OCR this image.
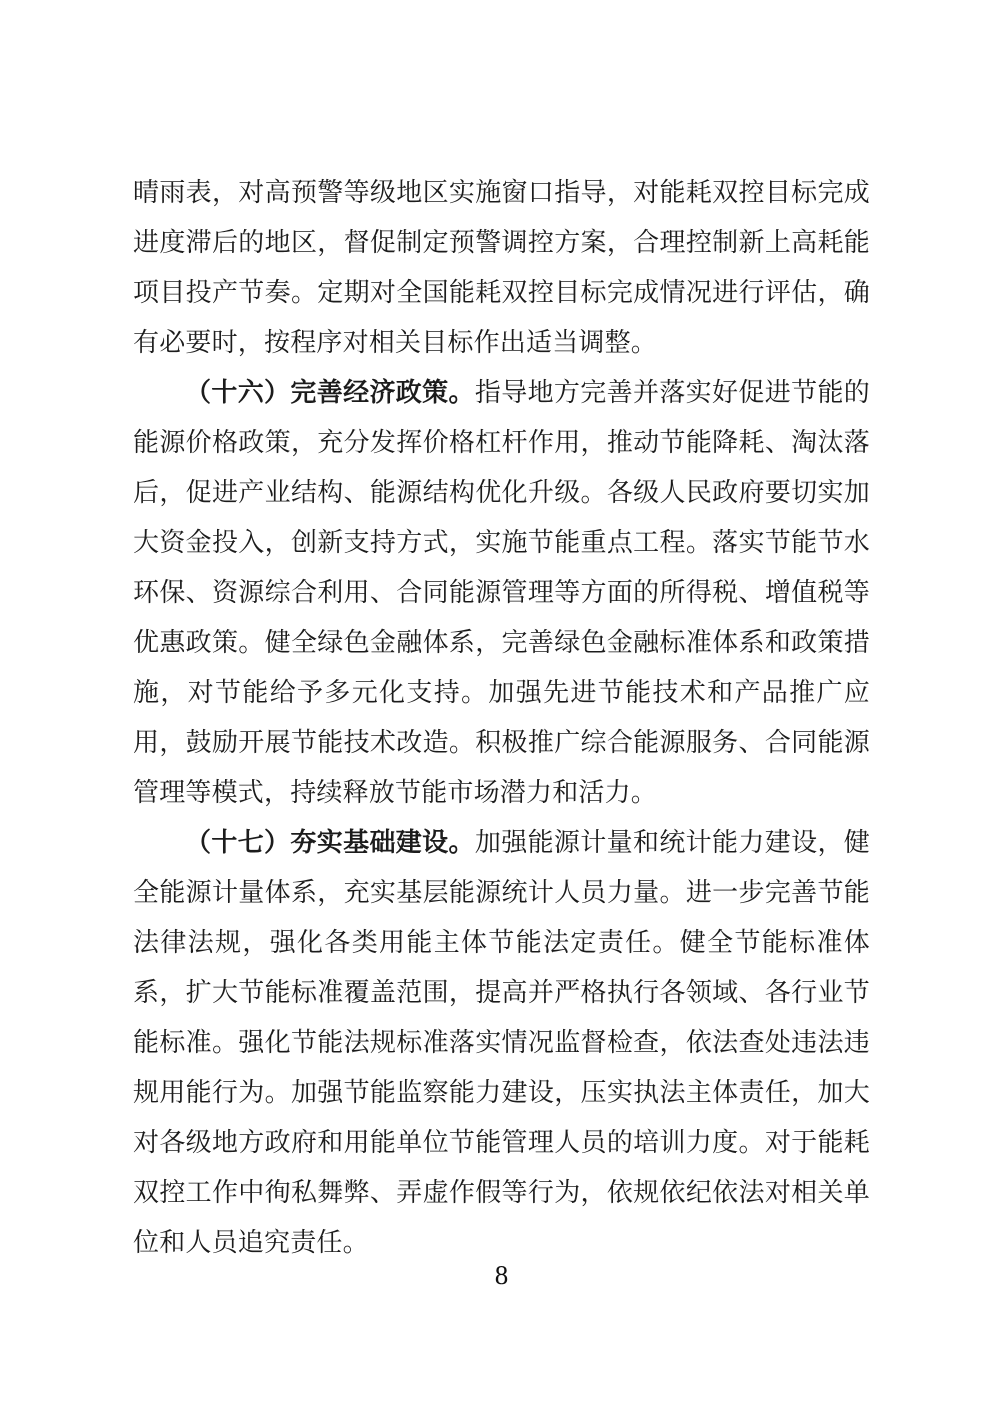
晴雨表，对高预警等级地区实施窗口指导，对能耗双控目标完成进度滞后的地区，督促制定预警调控方案，合理控制新上高耗能项目投产节奏。定期对全国能耗双控目标完成情况进行评估，确有必要时，按程序对相关目标作出适当调整。

（十六）完善经济政策。指导地方完善并落实好促进节能的能源价格政策，充分发挥价格杠杆作用，推动节能降耗、淘汰落后，促进产业结构、能源结构优化升级。各级人民政府要切实加大资金投入，创新支持方式，实施节能重点工程。落实节能节水环保、资源综合利用、合同能源管理等方面的所得税、增值税等优惠政策。健全绿色金融体系，完善绿色金融标准体系和政策措施，对节能给予多元化支持。加强先进节能技术和产品推广应用，鼓励开展节能技术改造。积极推广综合能源服务、合同能源管理等模式，持续释放节能市场潜力和活力。

（十七）夯实基础建设。加强能源计量和统计能力建设，健全能源计量体系，充实基层能源统计人员力量。进一步完善节能法律法规，强化各类用能主体节能法定责任。健全节能标准体系，扩大节能标准覆盖范围，提高并严格执行各领域、各行业节能标准。强化节能法规标准落实情况监督检查，依法查处违法违规用能行为。加强节能监察能力建设，压实执法主体责任，加大对各级地方政府和用能单位节能管理人员的培训力度。对于能耗双控工作中徇私舞弊、弄虚作假等行为，依规依纪依法对相关单位和人员追究责任。

8
